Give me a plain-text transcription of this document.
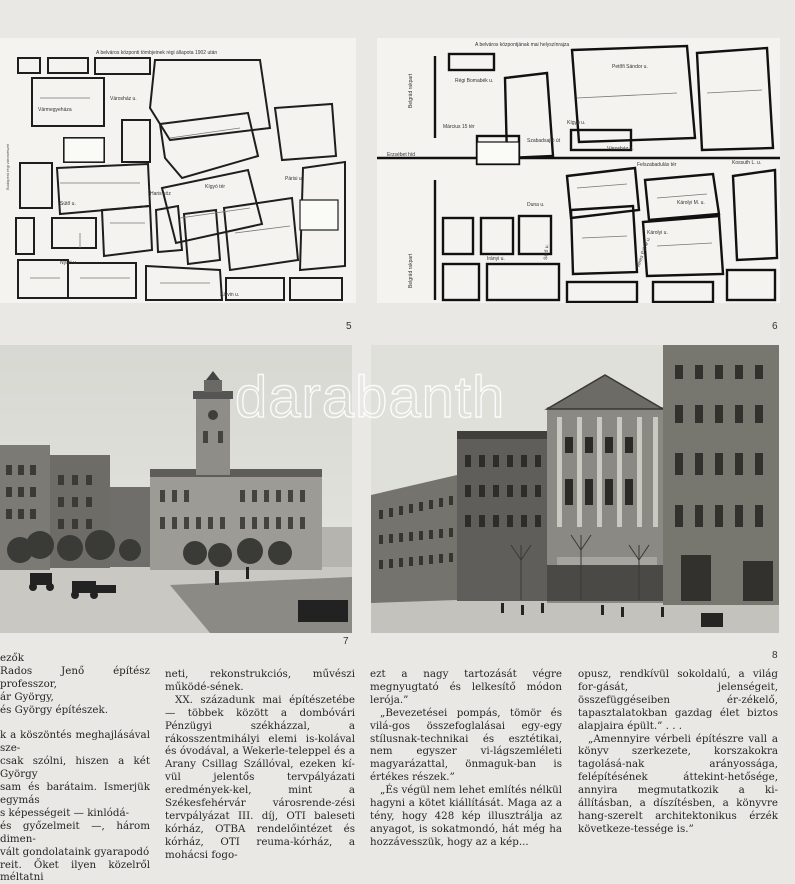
Vármegyeháza
Városház u.
Kígyó tér
Sütő u.
Haris köz
Párisi u.
Nyári u.
Kálvin u.
A belváros központi tömbjeinek régi állapota 1902 után
5
Budapest régi városrészei
Régi Bomabék u.
Petőfi Sándor u.
Belgrád rakpart
Március 15 tér
Kígyó u.
Felszabadulás tér	Kossuth L. u.
Erzsébet híd
Szabadsajtó út
Duna u.	Károlyi M. u.
Károlyi u.
Városház u.
Irányi u.	Veres Pálné u.
Sütő u.
Belgrád rakpart
A belváros központjának mai helyszínrajza
6
7
8
darabanth

ezők

Rados Jenő építész professzor,
ár György,
és György építészek.

k a köszöntés meghajlásával sze-
csak szólni, hiszen a két György
sam és barátaim. Ismerjük egymás
s képességeit — kinlódá-
és győzelmeit —, három dimen-
vált gondolataink gyarapodó
reit. Őket ilyen közelről méltatni

neti, rekonstrukciós, művészi működé-sének.

XX. századunk mai építészetébe — többek között a dombóvári Pénzügyi székházzal, a rákosszentmihályi elemi is-kolával és óvodával, a Wekerle-teleppel és a Arany Csillag Szállóval, ezeken kí-vül jelentős tervpályázati eredmények-kel, mint a Székesfehérvár városrende-zési tervpályázat III. díj, OTI baleseti kórház, OTBA rendelőintézet és kórház, OTI reuma-kórház, a mohácsi fogo-

ezt a nagy tartozását végre megnyugtató és lelkesítő módon lerója.”

„Bevezetései pompás, tömör és vilá-gos összefoglalásai egy-egy stílusnak-technikai és esztétikai, nem egyszer vi-lágszemléleti magyarázattal, önmaguk-ban is értékes részek.”

„És végül nem lehet említés nélkül hagyni a kötet kiállítását. Maga az a tény, hogy 428 kép illusztrálja az anyagot, is sokatmondó, hát még ha hozzávesszük, hogy az a kép...

opusz, rendkívül sokoldalú, a világ for-gását, jelenségeit, összefüggéseiben ér-zékelő, tapasztalatokban gazdag élet biztos alapjaira épült.” . . .

„Amennyire vérbeli építészre vall a könyv szerkezete, korszakokra tagolásá-nak arányossága, felépítésének áttekint-hetősége, annyira megmutatkozik a ki-állításban, a díszítésben, a könyvre hang-szerelt architektonikus érzék következe-tessége is.”
